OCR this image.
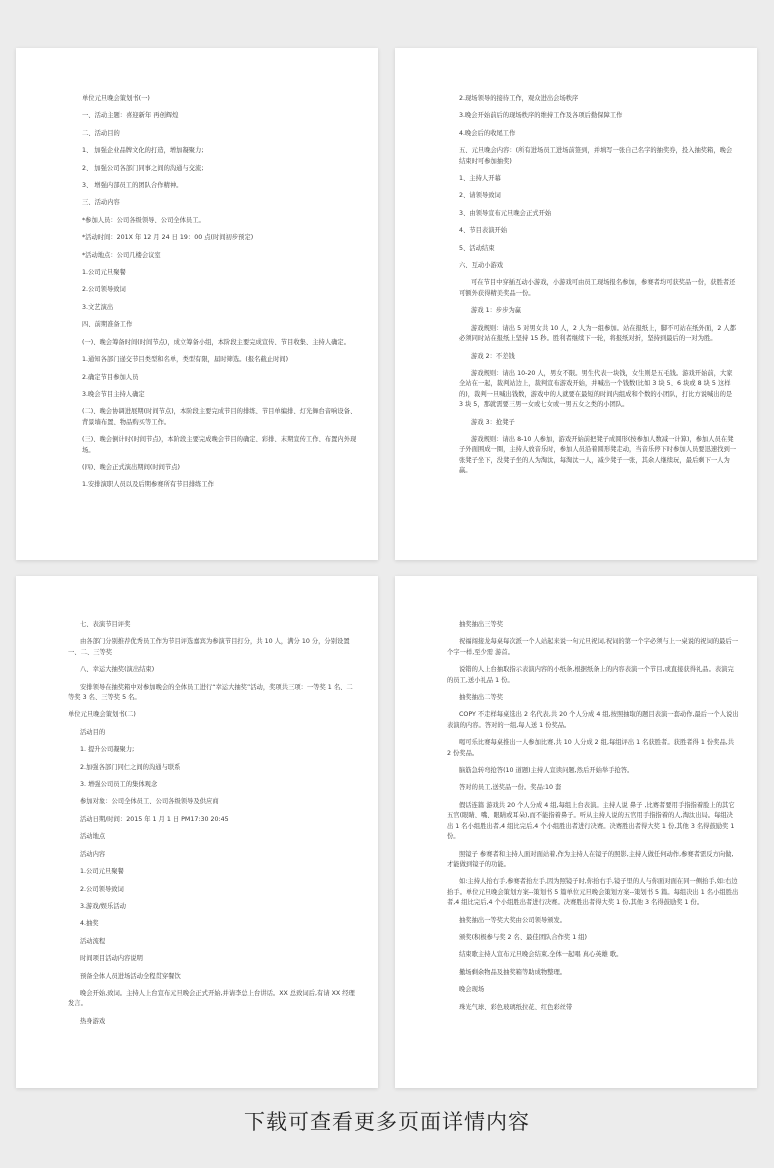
单位元旦晚会策划书(一)
一、活动主题：喜迎新年 再创辉煌
二、活动目的
1、 加强企业品牌文化的打造，增加凝聚力;
2、 加强公司各部门同事之间的沟通与交流;
3、 增强内部员工的团队合作精神。
三、活动内容
*参加人员：公司各级领导、公司全体员工。
*活动时间：201X 年 12 月 24 日 19：00 点(时间初步预定)
*活动地点：公司几楼会议室
1.公司元旦聚餐
2.公司领导致词
3.文艺演出
四、前期准备工作
(一)、晚会筹备时间(时间节点)，成立筹备小组，本阶段主要完成宣传、节目收集、主持人确定。
1.通知各部门递交节目类型和名单，类型有限，届时筛选。(报名截止时间)
2.确定节目参加人员
3.晚会节目主持人确定
(二)、晚会协调进展期(时间节点)，本阶段主要完成节目的排练、节目单编排、灯光舞台音响设备、背景墙布置、物品购买等工作。
(三)、晚会倒计时(时间节点)，本阶段主要完成晚会节目的确定、彩排、末期宣传工作、布置内外现场。
(四)、晚会正式演出期间(时间节点)
1.安排演职人员以及后期参赛所有节目排练工作
2.现场领导的接待工作，观众进出会场秩序
3.晚会开始前后的现场秩序的维持工作及各项后勤保障工作
4.晚会后的收尾工作
五、元旦晚会内容：(所有进场员工进场前签到，并填写一张自己名字的抽奖券，投入抽奖箱，晚会结束时可参加抽奖)
1、主持人开幕
2、请领导致词
3、由领导宣布元旦晚会正式开始
4、节目表演开始
5、活动结束
六、互动小游戏
可在节目中穿插互动小游戏，小游戏可由员工现场报名参加，参赛者均可获奖品一份，获胜者还可额外获得精美奖品一份。
游戏 1：步步为赢
游戏规则：请出 5 对男女共 10 人，2 人为一组参加。站在报纸上，脚不可站在纸外面，2 人都必须同时站在报纸上坚持 15 秒。胜利者继续下一轮，将报纸对折，坚持到最后的一对为胜。
游戏 2：不差钱
游戏规则：请出 10-20 人，男女不限。男生代表一块钱，女生则是五毛钱。游戏开始前，大家全站在一起，裁判站边上，裁判宣布游戏开始，并喊出一个钱数(比如 3 块 5、6 块或 8 块 5 这样的)，裁判一旦喊出钱数，游戏中的人就要在最短的时间内组成和个数的小团队，打比方说喊出的是 3 块 5，那就需要三男一女或七女或一男五女之类的小团队。
游戏 3：抢凳子
游戏规则：请出 8-10 人参加，游戏开始前把凳子成圆形(按参加人数减一计算)，参加人员在凳子外面围成一圈，主持人放音乐时，参加人员沿着圆形凳走动，当音乐停下时参加人员要迅速找到一张凳子坐下，没凳子坐的人为淘汰，每淘汰一人，减少凳子一张，其余人继续玩，最后剩下一人为赢。
七、表演节目评奖
由各部门分别推荐优秀员工作为节目评选嘉宾为参演节目打分，共 10 人，满分 10 分，分别设置一、二、三等奖
八、幸运大抽奖(演出结束)
安排领导在抽奖箱中对参加晚会的全体员工进行“幸运大抽奖”活动，奖项共三项：一等奖 1 名、二等奖 3 名、三等奖 5 名。
单位元旦晚会策划书(二)
活动目的
1. 提升公司凝聚力;
2.加强各部门同仁之间的沟通与联系
3. 增强公司员工的集体观念
参加对象：公司全体员工、公司各级领导及供应商
活动日期/时间：2015 年 1 月 1 日 PM17:30 20:45
活动地点
活动内容
1.公司元旦聚餐
2.公司领导致词
3.游戏/娱乐活动
4.抽奖
活动流程
时间项目活动内容说明
预备全体人员进场活动全程贯穿餐饮
晚会开始,致词。主持人上台宣布元旦晚会正式开始,并请李总上台讲话。XX 总致词后,有请 XX 经理发言。
热身游戏
抽奖抽出三等奖
祝福闯接龙每桌每次派一个人站起来说一句元旦祝词,祝词的第一个字必须与上一桌说的祝词的最后一个字一样,至少需 游首。
说错的人上台抽取指示表演内容的小纸条,根据纸条上的内容表演一个节目,或直接获得礼品。表演完的员工,送小礼品 1 份。
抽奖抽出二等奖
COPY 不走样每桌选出 2 名代表,共 20 个人分成 4 组,按照抽取的题目表演一套动作,最后一个人说出表演的内容。答对的一组,每人送 1 份奖品。
喝可乐比赛每桌推出一人参加比赛,共 10 人分成 2 组,每组评出 1 名获胜者。获胜者得 1 份奖品,共 2 份奖品。
脑筋急转弯抢答(10 道题)主持人宣读问题,然后开始举手抢答。
答对的员工,送奖品一份。奖品:10 套
假话连篇 游戏共 20 个人分成 4 组,每组上台表演。主持人说 鼻子 ,比赛者要用手指指着脸上的其它五官(眼睛、嘴、眼睛或耳朵),而不能指着鼻子。听从主持人说的五官用手指指着的人,淘汰出局。每组决出 1 名小组胜出者,4 组比完后,4 个小组胜出者进行决赛。决赛胜出者得大奖 1 份,其他 3 名得鼓励奖 1 份。
照镜子 参赛者和主持人面对面站着,作为主持人在镜子的照影,主持人做任何动作,参赛者需反方向做,才能做到镜子的功能。
如:主持人抬右手,参赛者抬左手,因为照镜子时,你抬右手,镜子里的人与你面对面在同一侧抬手,如:右边抬手。单位元旦晚会策划方案--策划书 5 篇单位元旦晚会策划方案--策划书 5 篇。每组决出 1 名小组胜出者,4 组比完后,4 个小组胜出者进行决赛。决赛胜出者得大奖 1 份,其他 3 名得鼓励奖 1 份。
抽奖抽出一等奖大奖由公司领导颁发。
颁奖(积极参与奖 2 名、最佳团队合作奖 1 组)
结束歌主持人宣布元旦晚会结束,全体一起唱 真心英雄 歌。
撤场剩余物品及抽奖箱等助成物整理。
晚会现场
珠光气球、彩色玻璃纸拉花、红色彩丝带
下载可查看更多页面详情内容
